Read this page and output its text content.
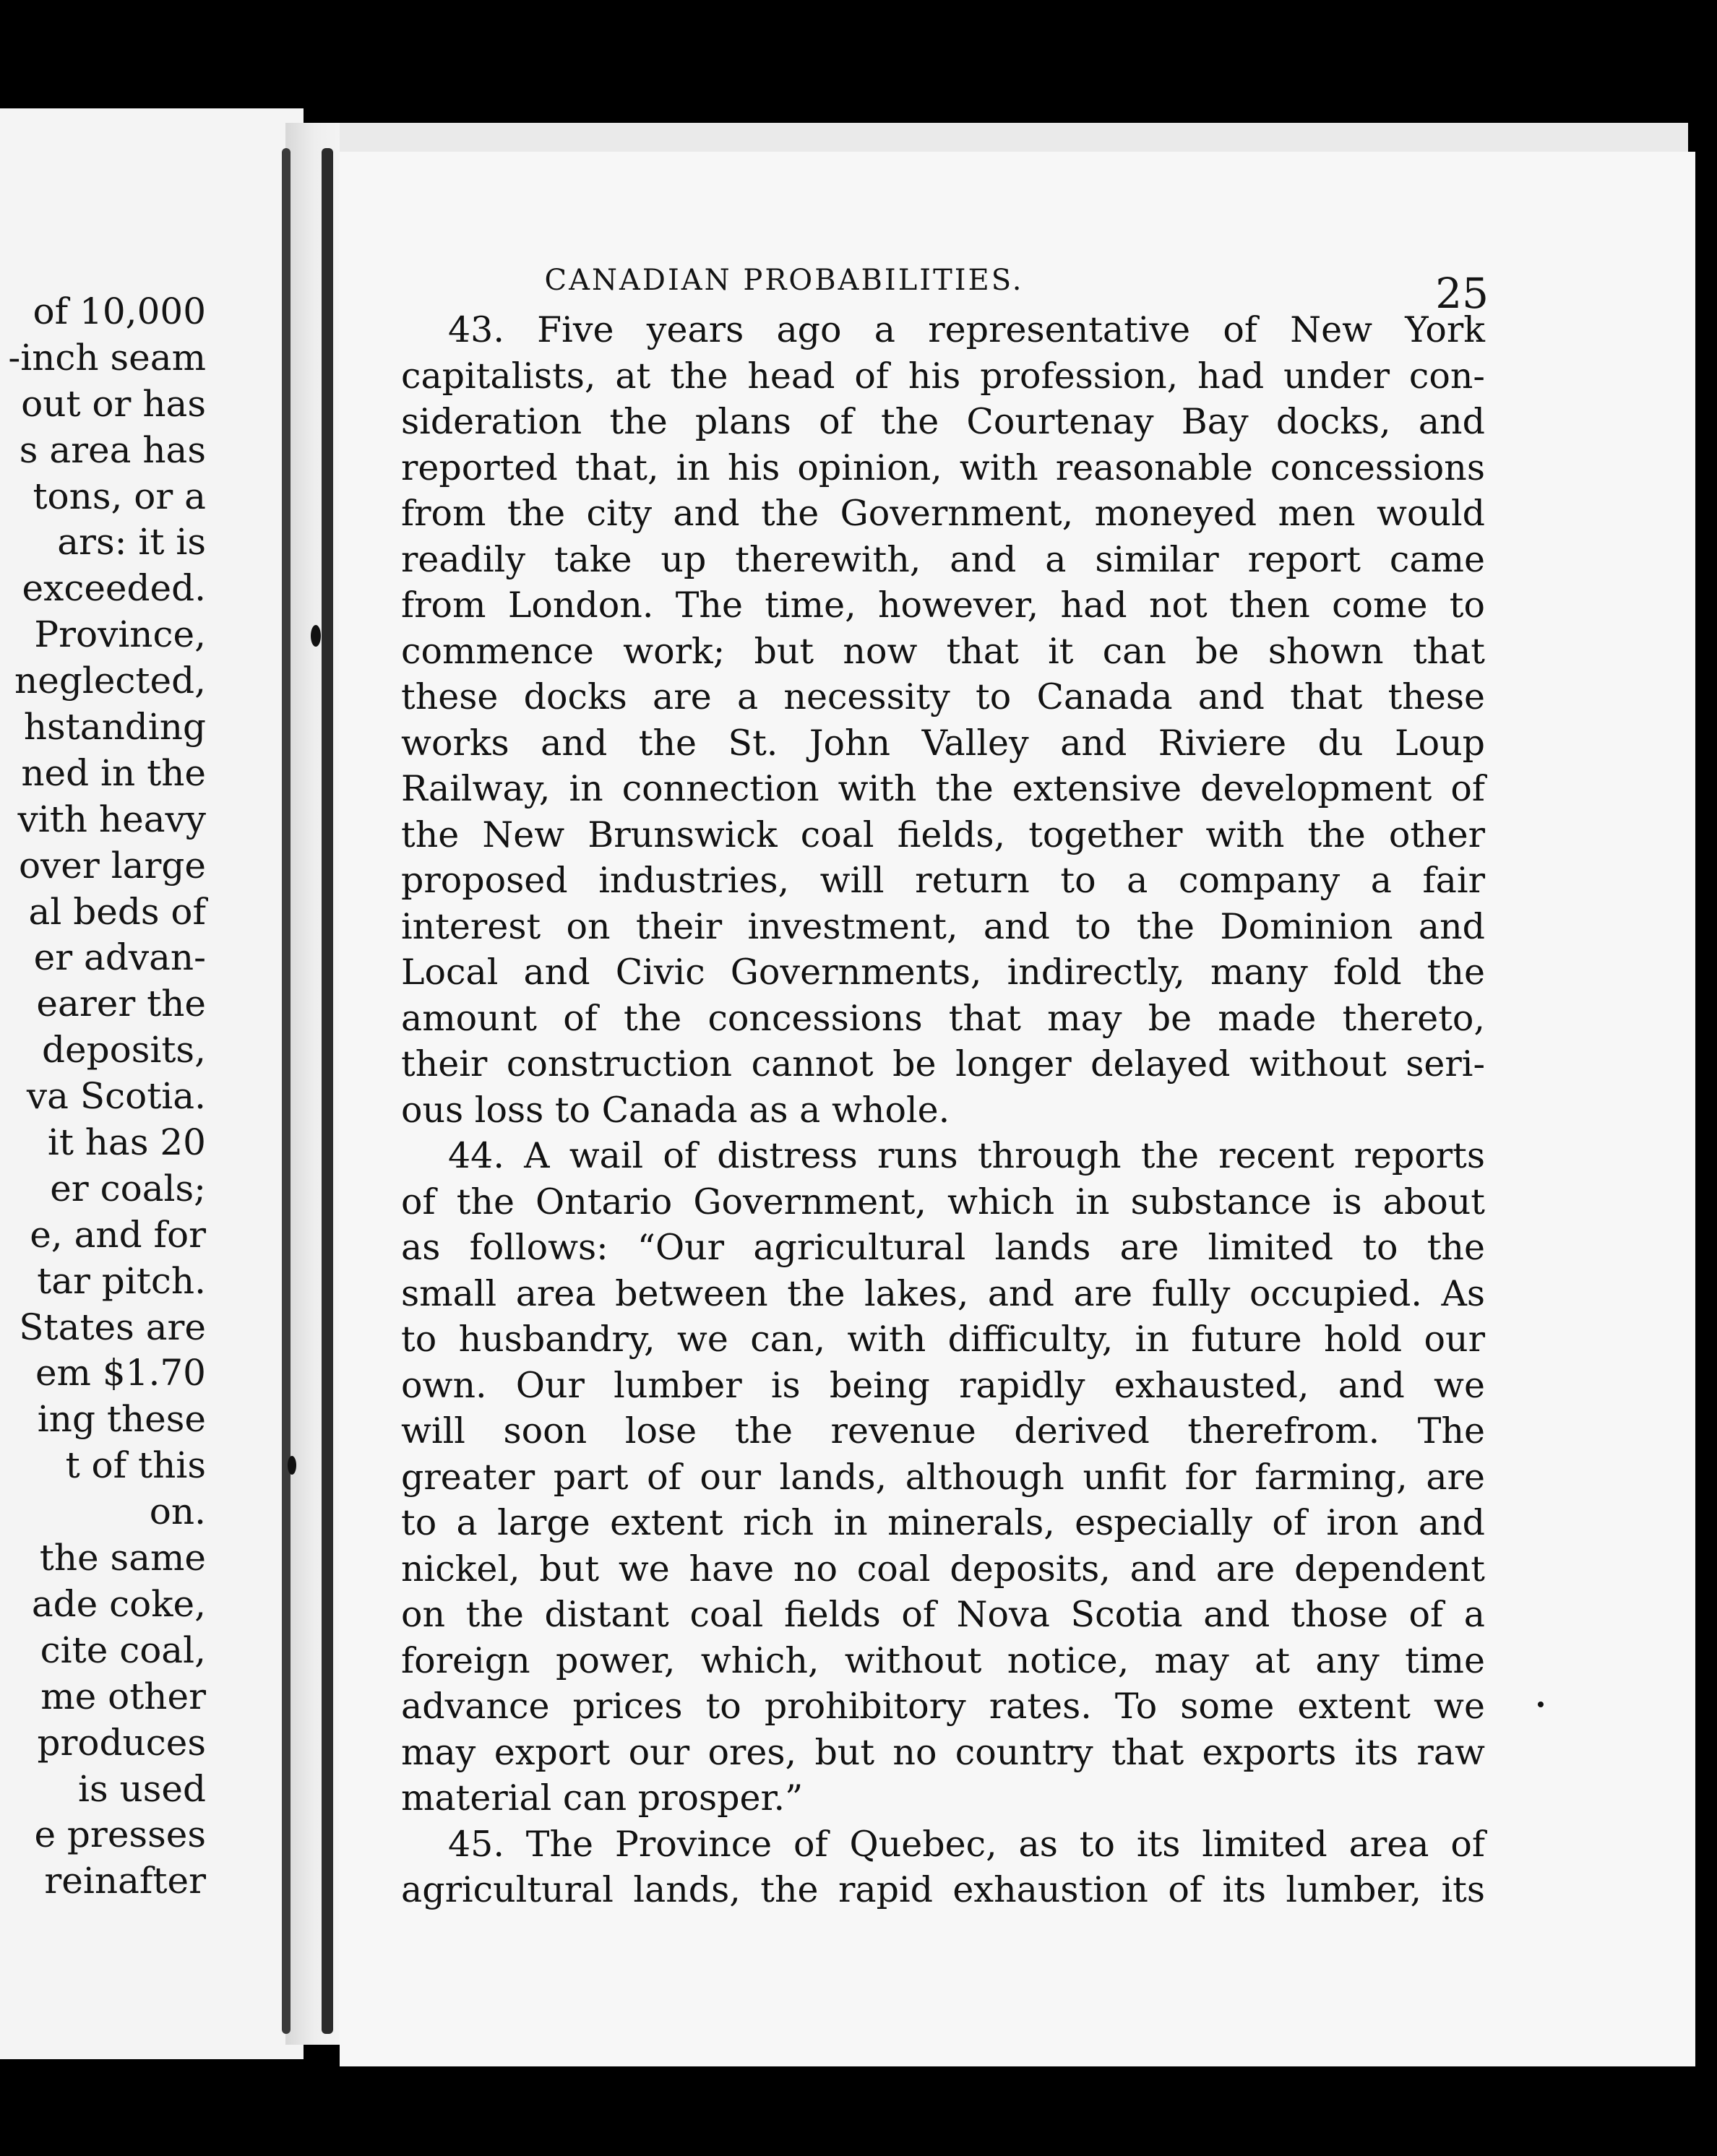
of 10,000
-inch seam
out or has
s area has
tons, or a
ars: it is
exceeded.
Province,
neglected,
hstanding
ned in the
vith heavy
over large
al beds of
er advan-
earer the
deposits,
va Scotia.
it has 20
er coals;
e, and for
tar pitch.
States are
em $1.70
ing these
t of this
on.
the same
ade coke,
cite coal,
me other
produces
is used
e presses
reinafter
CANADIAN PROBABILITIES.	25
43. Five years ago a representative of New York
capitalists, at the head of his profession, had under con-
sideration the plans of the Courtenay Bay docks, and
reported that, in his opinion, with reasonable concessions
from the city and the Government, moneyed men would
readily take up therewith, and a similar report came
from London. The time, however, had not then come to
commence work; but now that it can be shown that
these docks are a necessity to Canada and that these
works and the St. John Valley and Riviere du Loup
Railway, in connection with the extensive development of
the New Brunswick coal fields, together with the other
proposed industries, will return to a company a fair
interest on their investment, and to the Dominion and
Local and Civic Governments, indirectly, many fold the
amount of the concessions that may be made thereto,
their construction cannot be longer delayed without seri-
ous loss to Canada as a whole.
44. A wail of distress runs through the recent reports
of the Ontario Government, which in substance is about
as follows: “Our agricultural lands are limited to the
small area between the lakes, and are fully occupied. As
to husbandry, we can, with difficulty, in future hold our
own. Our lumber is being rapidly exhausted, and we
will soon lose the revenue derived therefrom. The
greater part of our lands, although unfit for farming, are
to a large extent rich in minerals, especially of iron and
nickel, but we have no coal deposits, and are dependent
on the distant coal fields of Nova Scotia and those of a
foreign power, which, without notice, may at any time
advance prices to prohibitory rates. To some extent we
may export our ores, but no country that exports its raw
material can prosper.”
45. The Province of Quebec, as to its limited area of
agricultural lands, the rapid exhaustion of its lumber, its
